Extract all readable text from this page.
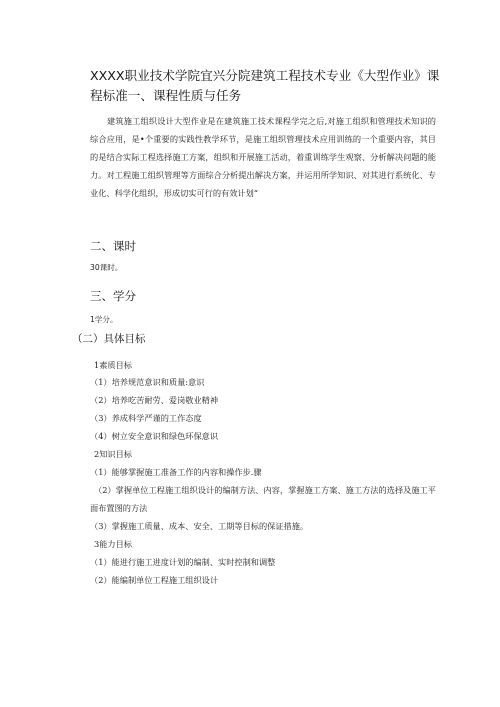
XXXX职业技术学院宜兴分院建筑工程技术专业《大型作业》课程标准一、课程性质与任务

建筑施工组织设计大型作业是在建筑施工技术课程学完之后,对施工组织和管理技术知识的综合应用，是•个重要的实践性教学环节，是施工组织管理技术应用训练的一个重要内容，其目的是结合实际工程选择施工方案，组织和开展施工活动，着重训练学生观察、分析解决问题的能力。对工程施工组织管理等方面综合分析提出解决方案，并运用所学知识、对其进行系统化、专业化、科学化组织，形成切实可行的有效计划“

二、课时

30课时。

三、学分

1学分。

（二）具体目标

1素质目标

（1）培养规范意识和质量:意识

（2）培养吃苦耐劳、爱岗敬业精神

（3）养成科学严谨的工作态度

（4）树立安全意识和绿色环保意识

2知识目标

（1）能够掌握施工准备工作的内容和操作步.骤

（2）掌握单位工程施工组织设计的编制方法、内容，掌握施工方案、施工方法的选择及施工平面布置图的方法

（3）掌握施工质量、成本、安全、工期等目标的保证措施。

3能力目标

（1）能进行施工进度计划的编制、实时控制和调整

（2）能编制单位工程施工组织设计
